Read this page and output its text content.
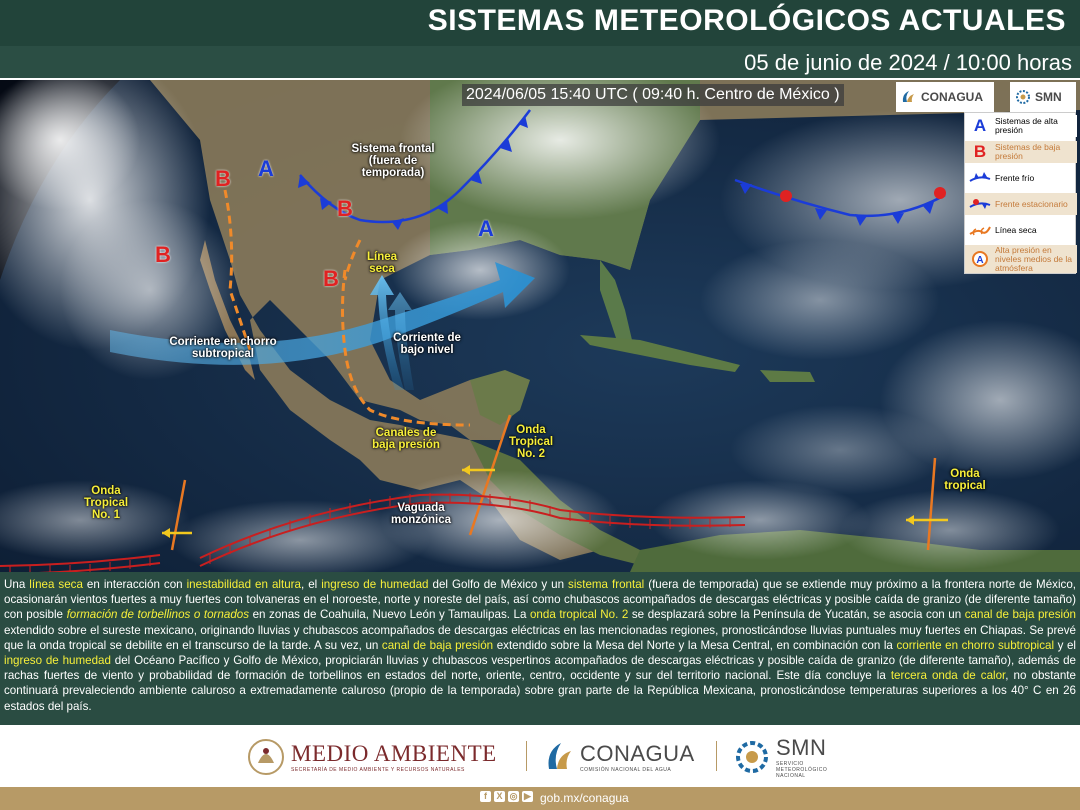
SISTEMAS METEOROLÓGICOS ACTUALES
05 de junio de 2024 / 10:00 horas
A
A
B
B
B
B
Sistema frontal (fuera de temporada)
Línea seca
Corriente en chorro subtropical
Corriente de bajo nivel
Canales de baja presión
Onda Tropical No. 1
Onda Tropical No. 2
Vaguada monzónica
Onda tropical
2024/06/05 15:40 UTC ( 09:40 h. Centro de México )	CONAGUA	SMN
A	Sistemas de alta presión
B	Sistemas de baja presión
Frente frío
Frente estacionario
Línea seca
A
Alta presión en niveles medios de la atmósfera
Una línea seca en interacción con inestabilidad en altura, el ingreso de humedad del Golfo de México y un sistema frontal (fuera de temporada) que se extiende muy próximo a la frontera norte de México, ocasionarán vientos fuertes a muy fuertes con tolvaneras en el noroeste, norte y noreste del país, así como chubascos acompañados de descargas eléctricas y posible caída de granizo (de diferente tamaño) con posible formación de torbellinos o tornados en zonas de Coahuila, Nuevo León y Tamaulipas. La onda tropical No. 2 se desplazará sobre la Península de Yucatán, se asocia con un canal de baja presión extendido sobre el sureste mexicano, originando lluvias y chubascos acompañados de descargas eléctricas en las mencionadas regiones, pronosticándose lluvias puntuales muy fuertes en Chiapas. Se prevé que la onda tropical se debilite en el transcurso de la tarde. A su vez, un canal de baja presión extendido sobre la Mesa del Norte y la Mesa Central, en combinación con la corriente en chorro subtropical y el ingreso de humedad del Océano Pacífico y Golfo de México, propiciarán lluvias y chubascos vespertinos acompañados de descargas eléctricas y posible caída de granizo (de diferente tamaño), además de rachas fuertes de viento y probabilidad de formación de torbellinos en estados del norte, oriente, centro, occidente y sur del territorio nacional. Este día concluye la tercera onda de calor, no obstante continuará prevaleciendo ambiente caluroso a extremadamente caluroso (propio de la temporada) sobre gran parte de la República Mexicana, pronosticándose temperaturas superiores a los 40° C en 26 estados del país.
MEDIO AMBIENTE
SECRETARÍA DE MEDIO AMBIENTE Y RECURSOS NATURALES
CONAGUA
COMISIÓN NACIONAL DEL AGUA
SMN
SERVICIO METEOROLÓGICO NACIONAL
f	X ◎ ▶ gob.mx/conagua
